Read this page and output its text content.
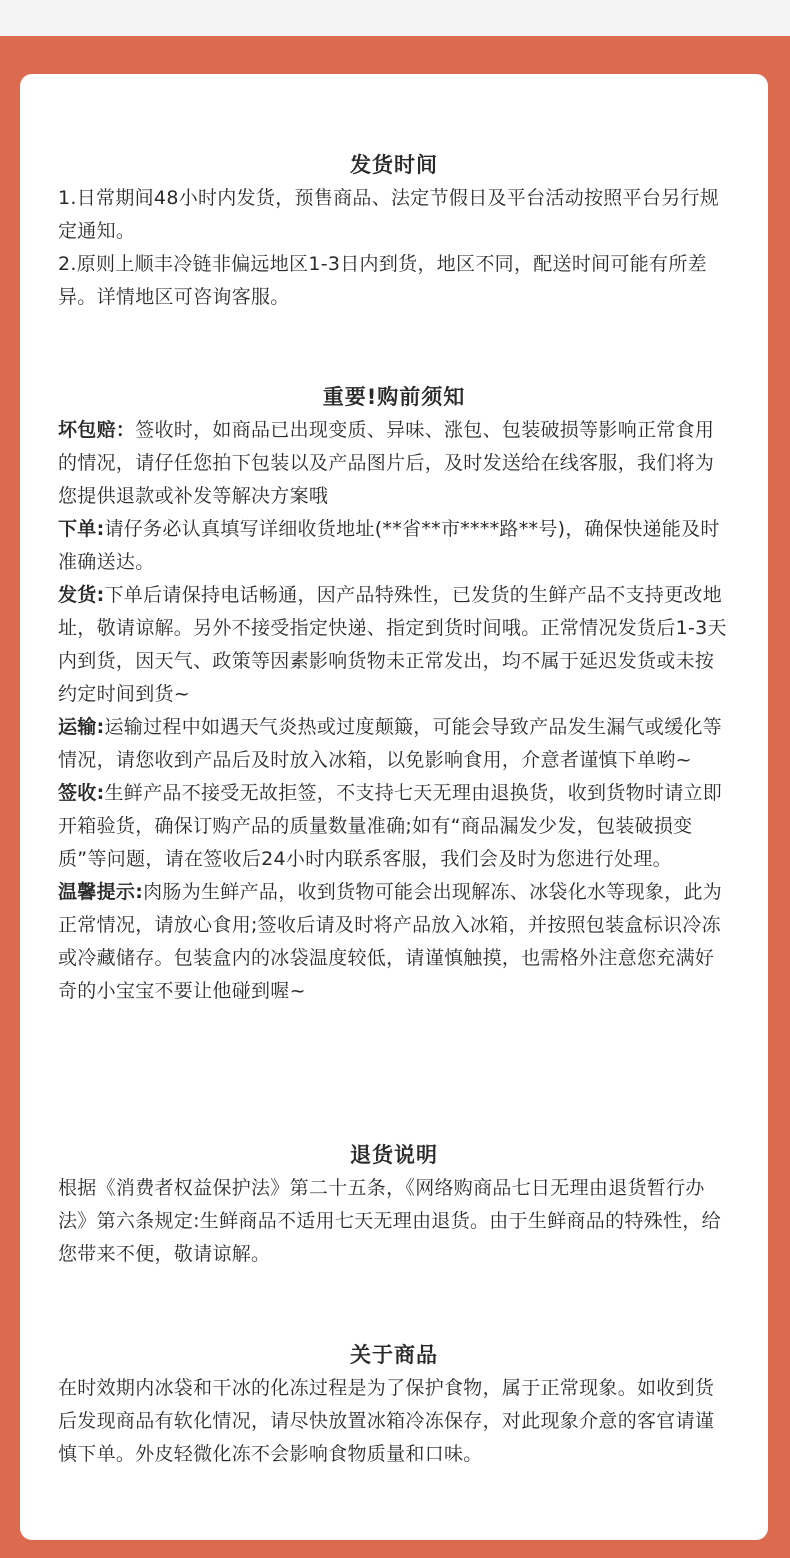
发货时间

1.日常期间48小时内发货，预售商品、法定节假日及平台活动按照平台另行规定通知。

2.原则上顺丰冷链非偏远地区1-3日内到货，地区不同，配送时间可能有所差异。详情地区可咨询客服。

重要!购前须知

坏包赔：签收时，如商品已出现变质、异味、涨包、包装破损等影响正常食用的情况，请仔任您拍下包装以及产品图片后，及时发送给在线客服，我们将为您提供退款或补发等解决方案哦

下单:请仔务必认真填写详细收货地址(**省**市****路**号)，确保快递能及时准确送达。

发货:下单后请保持电话畅通，因产品特殊性，已发货的生鲜产品不支持更改地址，敬请谅解。另外不接受指定快递、指定到货时间哦。正常情况发货后1-3天内到货，因天气、政策等因素影响货物未正常发出，均不属于延迟发货或未按约定时间到货~

运输:运输过程中如遇天气炎热或过度颠簸，可能会导致产品发生漏气或缓化等情况，请您收到产品后及时放入冰箱，以免影响食用，介意者谨慎下单哟~

签收:生鲜产品不接受无故拒签，不支持七天无理由退换货，收到货物时请立即开箱验货，确保订购产品的质量数量准确;如有“商品漏发少发，包装破损变质”等问题，请在签收后24小时内联系客服，我们会及时为您进行处理。

温馨提示:肉肠为生鲜产品，收到货物可能会出现解冻、冰袋化水等现象，此为正常情况，请放心食用;签收后请及时将产品放入冰箱，并按照包装盒标识冷冻或冷藏储存。包装盒内的冰袋温度较低，请谨慎触摸，也需格外注意您充满好奇的小宝宝不要让他碰到喔~

退货说明

根据《消费者权益保护法》第二十五条，《网络购商品七日无理由退货暂行办法》第六条规定:生鲜商品不适用七天无理由退货。由于生鲜商品的特殊性，给您带来不便，敬请谅解。

关于商品

在时效期内冰袋和干冰的化冻过程是为了保护食物，属于正常现象。如收到货后发现商品有软化情况，请尽快放置冰箱冷冻保存，对此现象介意的客官请谨慎下单。外皮轻微化冻不会影响食物质量和口味。
